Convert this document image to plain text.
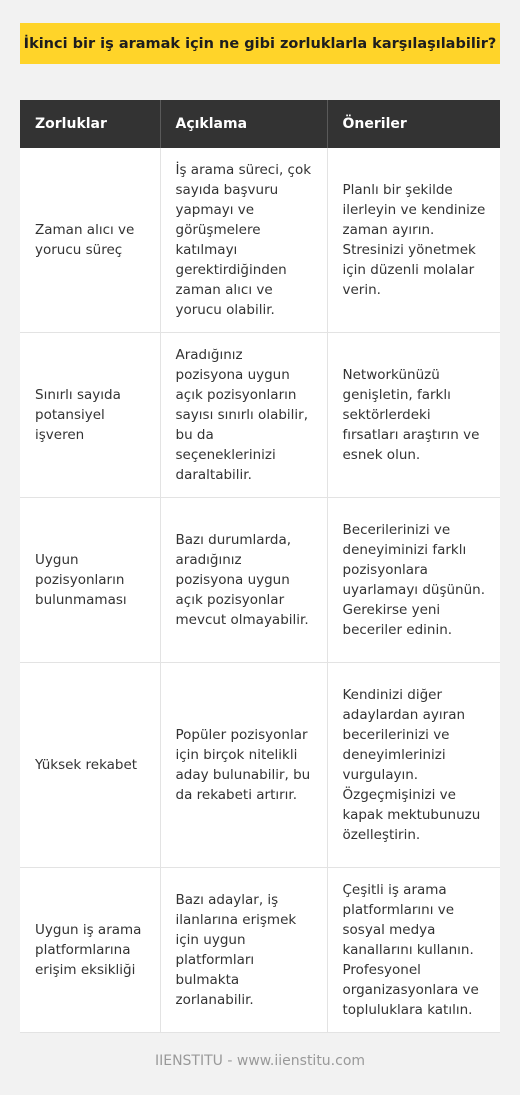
İkinci bir iş aramak için ne gibi zorluklarla karşılaşılabilir?
Zorluklar	Açıklama	Öneriler
Zaman alıcı ve yorucu süreç	İş arama süreci, çok sayıda başvuru yapmayı ve görüşmelere katılmayı gerektirdiğinden zaman alıcı ve yorucu olabilir.	Planlı bir şekilde ilerleyin ve kendinize zaman ayırın. Stresinizi yönetmek için düzenli molalar verin.
Sınırlı sayıda potansiyel işveren	Aradığınız pozisyona uygun açık pozisyonların sayısı sınırlı olabilir, bu da seçeneklerinizi daraltabilir.	Networkünüzü genişletin, farklı sektörlerdeki fırsatları araştırın ve esnek olun.
Uygun pozisyonların bulunmaması	Bazı durumlarda, aradığınız pozisyona uygun açık pozisyonlar mevcut olmayabilir.	Becerilerinizi ve deneyiminizi farklı pozisyonlara uyarlamayı düşünün. Gerekirse yeni beceriler edinin.
Yüksek rekabet	Popüler pozisyonlar için birçok nitelikli aday bulunabilir, bu da rekabeti artırır.	Kendinizi diğer adaylardan ayıran becerilerinizi ve deneyimlerinizi vurgulayın. Özgeçmişinizi ve kapak mektubunuzu özelleştirin.
Uygun iş arama platformlarına erişim eksikliği	Bazı adaylar, iş ilanlarına erişmek için uygun platformları bulmakta zorlanabilir.	Çeşitli iş arama platformlarını ve sosyal medya kanallarını kullanın. Profesyonel organizasyonlara ve topluluklara katılın.
IIENSTITU - www.iienstitu.com
